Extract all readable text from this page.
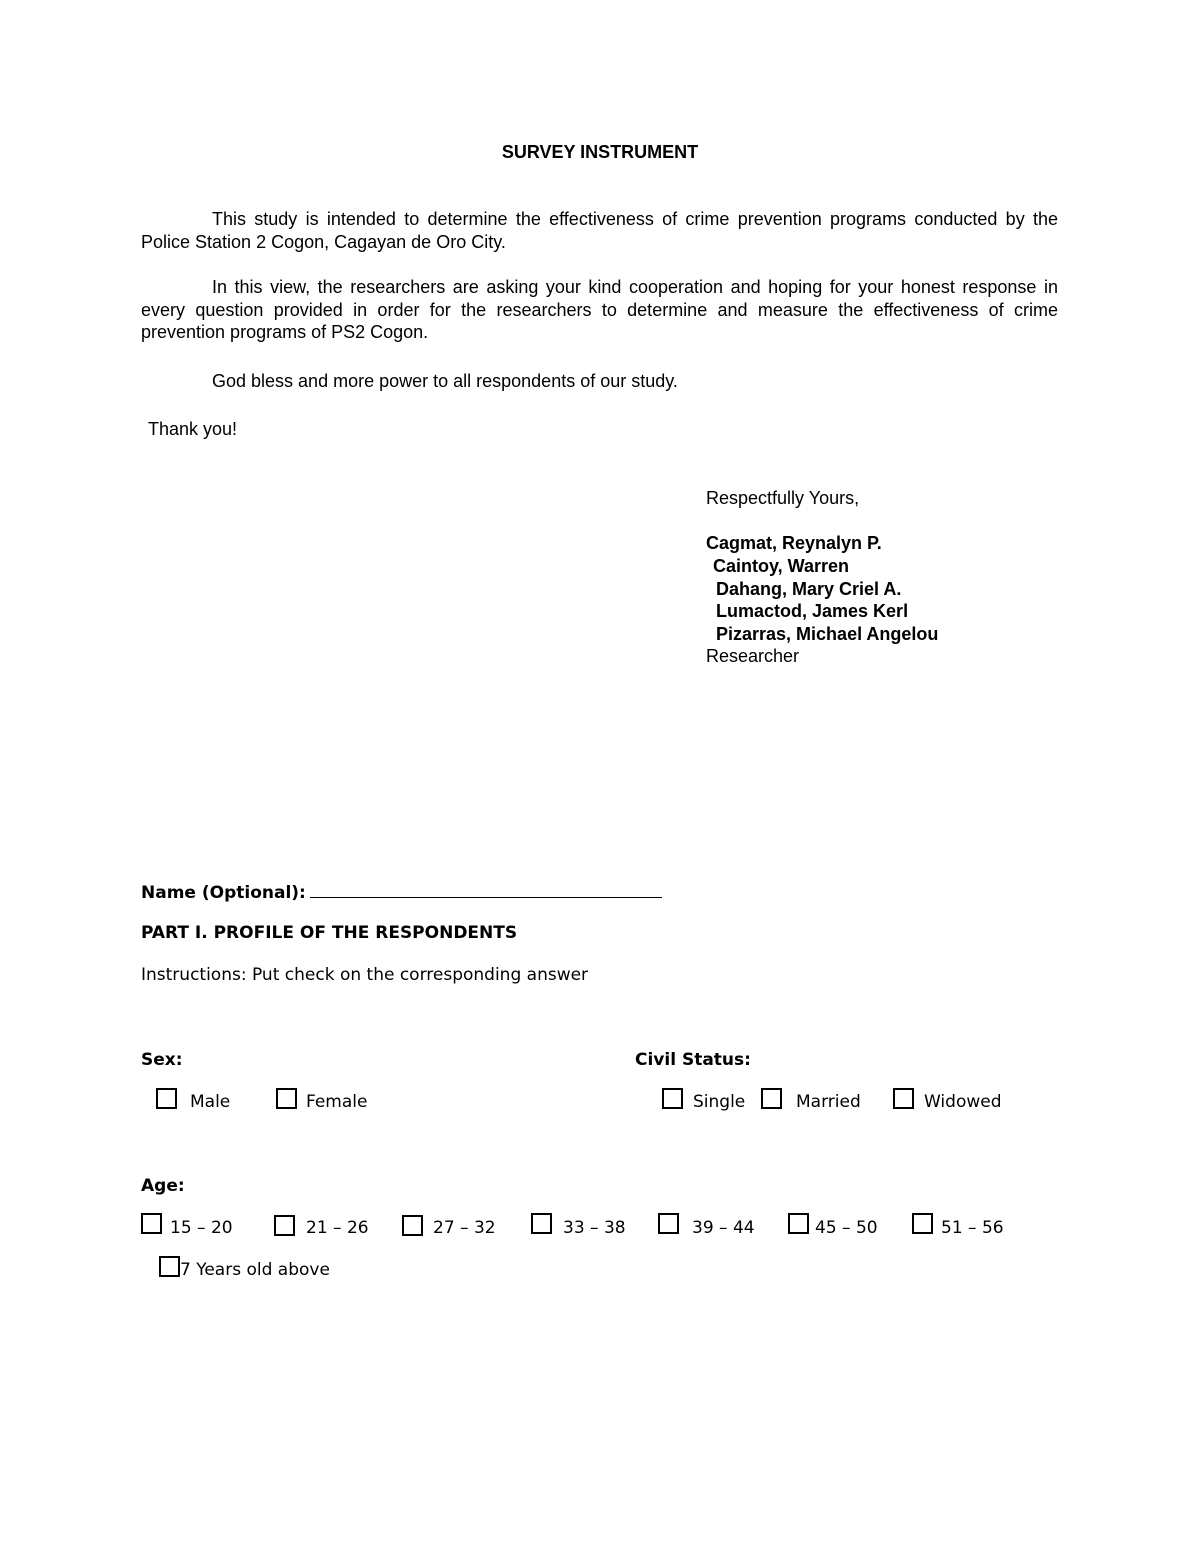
SURVEY INSTRUMENT
This study is intended to determine the effectiveness of crime prevention programs conducted by the Police Station 2 Cogon, Cagayan de Oro City.
In this view, the researchers are asking your kind cooperation and hoping for your honest response in every question provided in order for the researchers to determine and measure the effectiveness of crime prevention programs of PS2 Cogon.
God bless and more power to all respondents of our study.
Thank you!
Respectfully Yours,
Cagmat, Reynalyn P.
Caintoy, Warren
Dahang, Mary Criel A.
Lumactod, James Kerl
Pizarras, Michael Angelou
Researcher
Name (Optional):
PART I. PROFILE OF THE RESPONDENTS
Instructions: Put check on the corresponding answer
Sex:
Male	Female
Civil Status:
Single	Married	Widowed
Age:
15 – 20	21 – 26	27 – 32	33 – 38	39 – 44	45 – 50	51 – 56
7 Years old above
